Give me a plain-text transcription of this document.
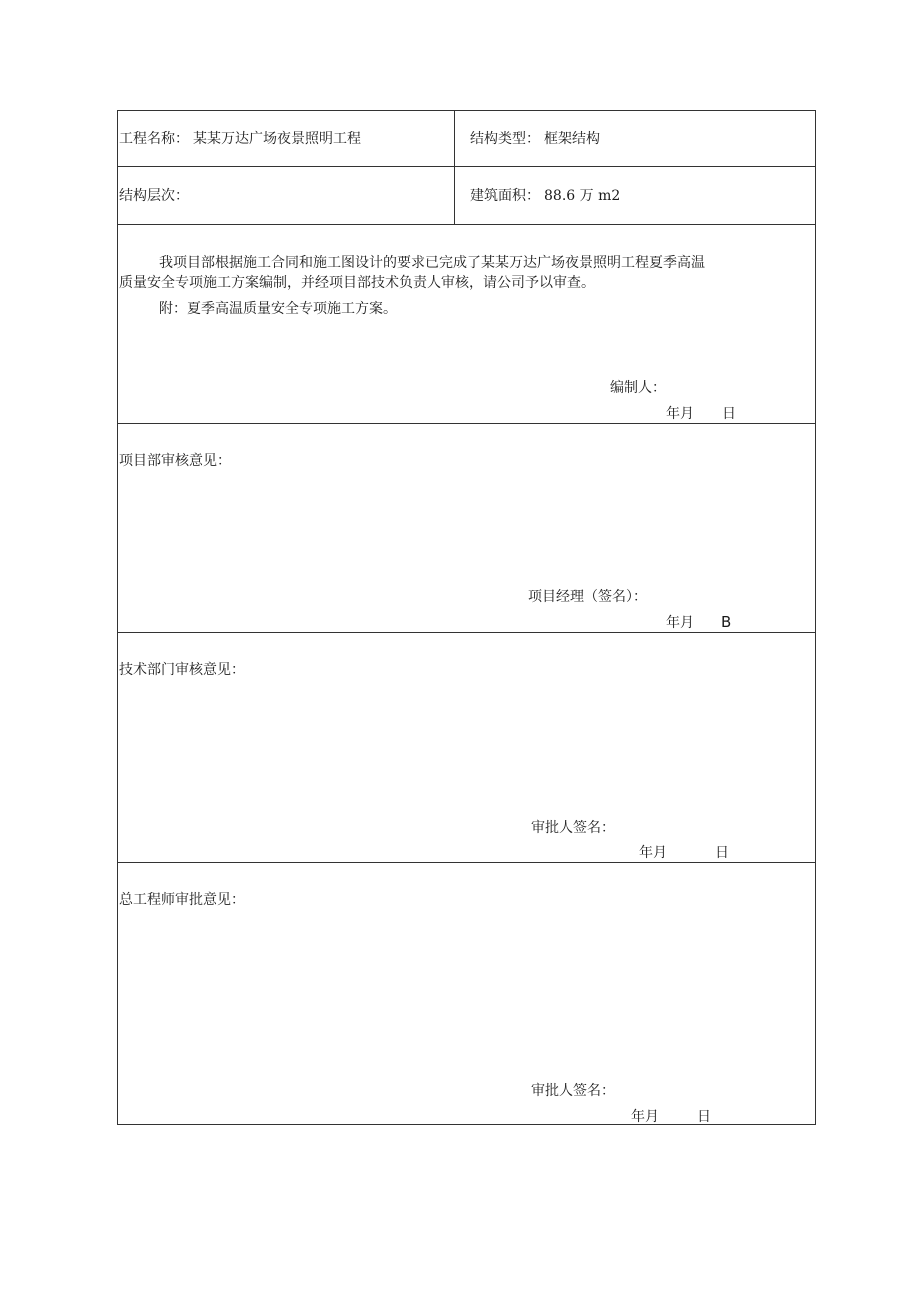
工程名称： 某某万达广场夜景照明工程	结构类型： 框架结构
结构层次：	建筑面积： 88.6 万 m2
我项目部根据施工合同和施工图设计的要求已完成了某某万达广场夜景照明工程夏季高温
质量安全专项施工方案编制，并经项目部技术负责人审核，请公司予以审查。
附：夏季高温质量安全专项施工方案。
编制人：
年月 日
项目部审核意见：
项目经理（签名）：
年月 B
技术部门审核意见：
审批人签名：
年月	日
总工程师审批意见：
审批人签名：
年月	日
